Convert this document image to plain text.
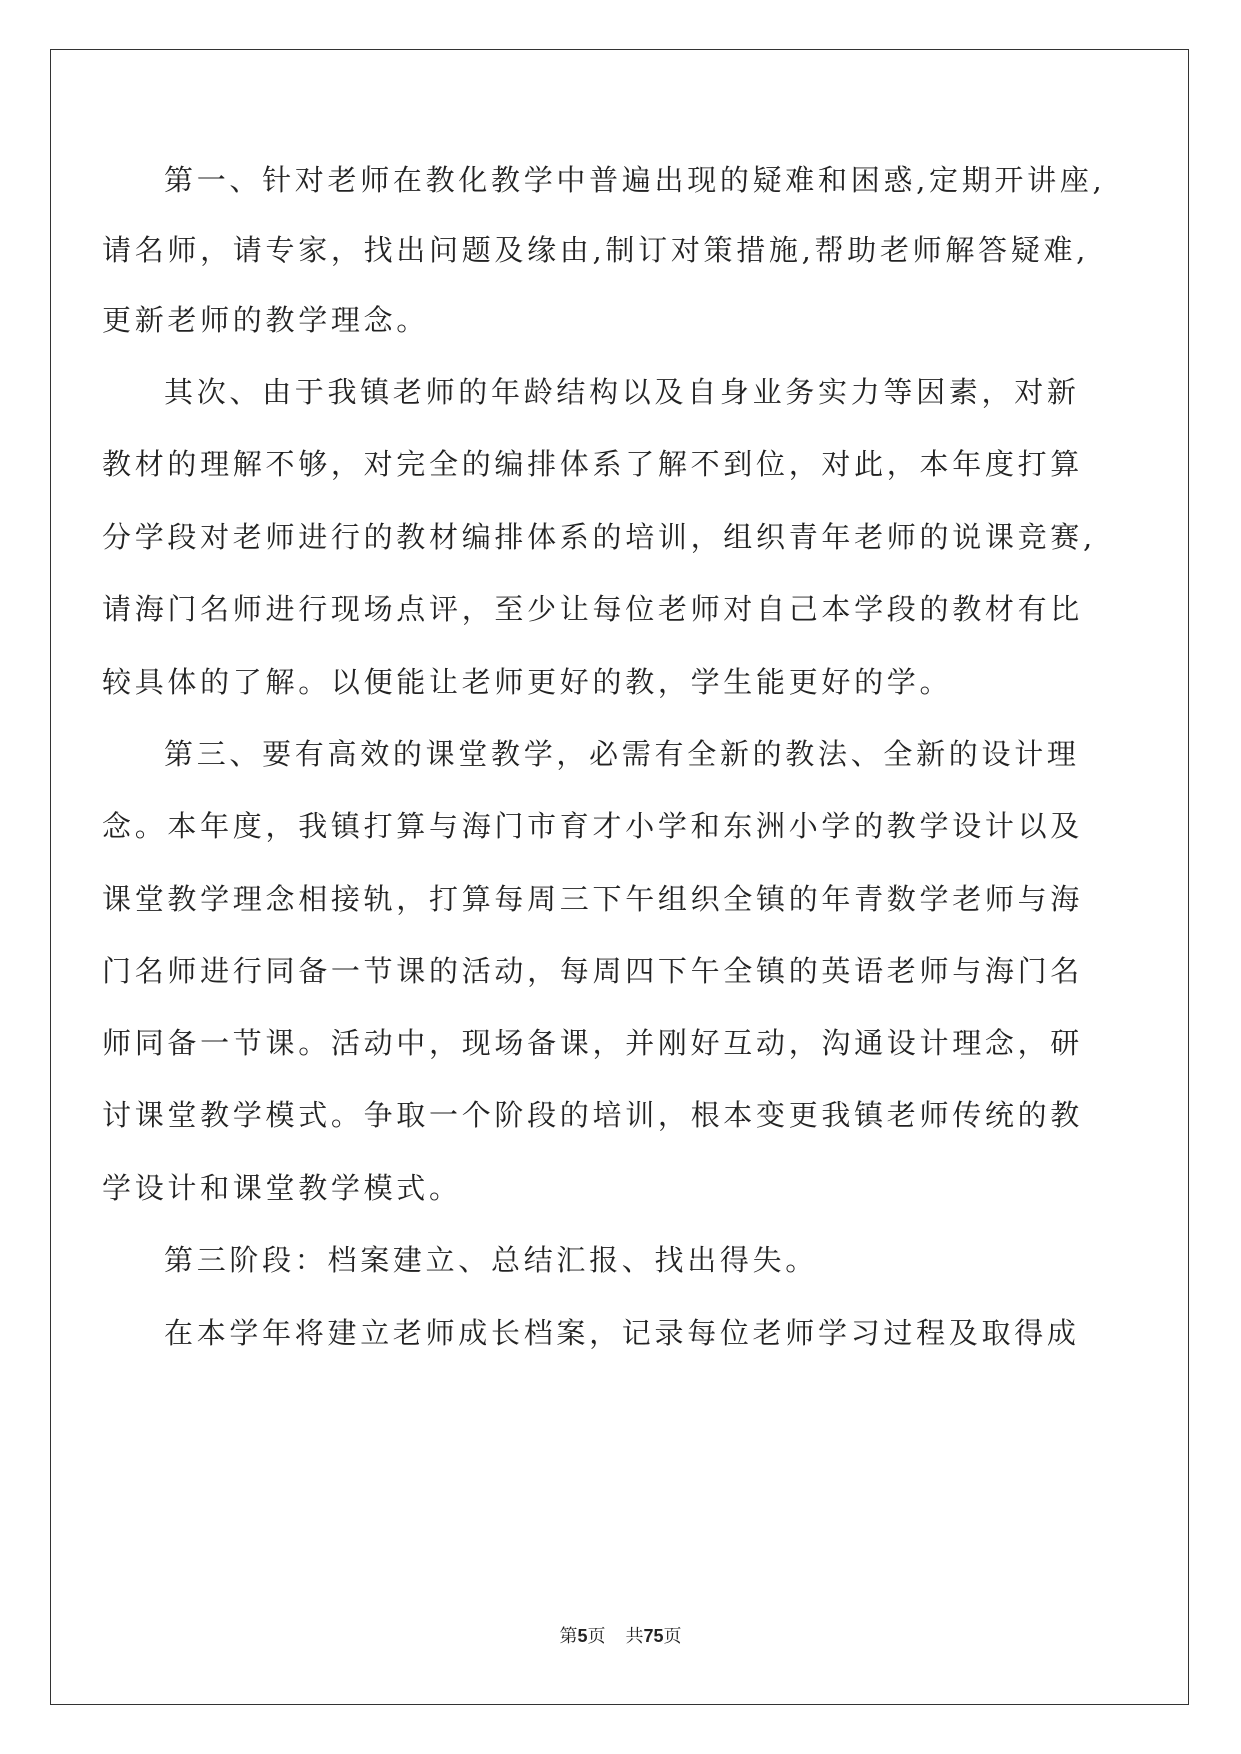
第一、针对老师在教化教学中普遍出现的疑难和困惑,定期开讲座,
请名师，请专家，找出问题及缘由,制订对策措施,帮助老师解答疑难,
更新老师的教学理念。
其次、由于我镇老师的年龄结构以及自身业务实力等因素，对新
教材的理解不够，对完全的编排体系了解不到位，对此，本年度打算
分学段对老师进行的教材编排体系的培训，组织青年老师的说课竞赛,
请海门名师进行现场点评，至少让每位老师对自己本学段的教材有比
较具体的了解。以便能让老师更好的教，学生能更好的学。
第三、要有高效的课堂教学，必需有全新的教法、全新的设计理
念。本年度，我镇打算与海门市育才小学和东洲小学的教学设计以及
课堂教学理念相接轨，打算每周三下午组织全镇的年青数学老师与海
门名师进行同备一节课的活动，每周四下午全镇的英语老师与海门名
师同备一节课。活动中，现场备课，并刚好互动，沟通设计理念，研
讨课堂教学模式。争取一个阶段的培训，根本变更我镇老师传统的教
学设计和课堂教学模式。
第三阶段：档案建立、总结汇报、找出得失。
在本学年将建立老师成长档案，记录每位老师学习过程及取得成
第5页 共75页
